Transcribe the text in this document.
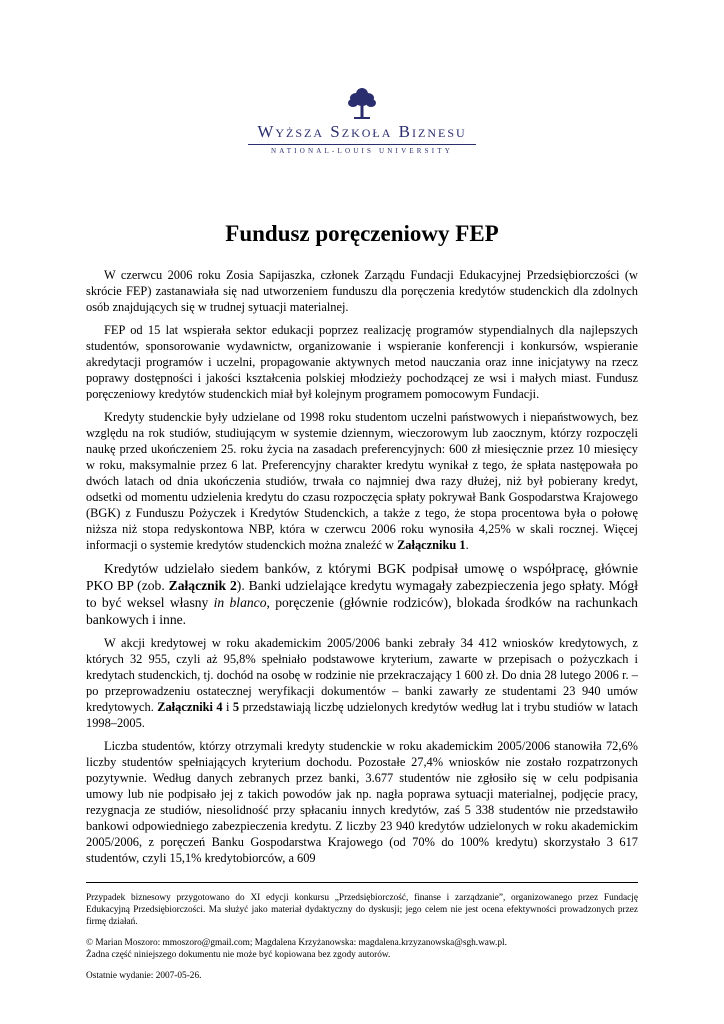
Wyższa Szkoła Biznesu
NATIONAL-LOUIS UNIVERSITY
Fundusz poręczeniowy FEP

W czerwcu 2006 roku Zosia Sapijaszka, członek Zarządu Fundacji Edukacyjnej Przedsiębiorczości (w skrócie FEP) zastanawiała się nad utworzeniem funduszu dla poręczenia kredytów studenckich dla zdolnych osób znajdujących się w trudnej sytuacji materialnej.

FEP od 15 lat wspierała sektor edukacji poprzez realizację programów stypendialnych dla najlepszych studentów, sponsorowanie wydawnictw, organizowanie i wspieranie konferencji i konkursów, wspieranie akredytacji programów i uczelni, propagowanie aktywnych metod nauczania oraz inne inicjatywy na rzecz poprawy dostępności i jakości kształcenia polskiej młodzieży pochodzącej ze wsi i małych miast. Fundusz poręczeniowy kredytów studenckich miał był kolejnym programem pomocowym Fundacji.

Kredyty studenckie były udzielane od 1998 roku studentom uczelni państwowych i niepaństwowych, bez względu na rok studiów, studiującym w systemie dziennym, wieczorowym lub zaocznym, którzy rozpoczęli naukę przed ukończeniem 25. roku życia na zasadach preferencyjnych: 600 zł miesięcznie przez 10 miesięcy w roku, maksymalnie przez 6 lat. Preferencyjny charakter kredytu wynikał z tego, że spłata następowała po dwóch latach od dnia ukończenia studiów, trwała co najmniej dwa razy dłużej, niż był pobierany kredyt, odsetki od momentu udzielenia kredytu do czasu rozpoczęcia spłaty pokrywał Bank Gospodarstwa Krajowego (BGK) z Funduszu Pożyczek i Kredytów Studenckich, a także z tego, że stopa procentowa była o połowę niższa niż stopa redyskontowa NBP, która w czerwcu 2006 roku wynosiła 4,25% w skali rocznej. Więcej informacji o systemie kredytów studenckich można znaleźć w Załączniku 1.

Kredytów udzielało siedem banków, z którymi BGK podpisał umowę o współpracę, głównie PKO BP (zob. Załącznik 2). Banki udzielające kredytu wymagały zabezpieczenia jego spłaty. Mógł to być weksel własny in blanco, poręczenie (głównie rodziców), blokada środków na rachunkach bankowych i inne.

W akcji kredytowej w roku akademickim 2005/2006 banki zebrały 34 412 wniosków kredytowych, z których 32 955, czyli aż 95,8% spełniało podstawowe kryterium, zawarte w przepisach o pożyczkach i kredytach studenckich, tj. dochód na osobę w rodzinie nie przekraczający 1 600 zł. Do dnia 28 lutego 2006 r. – po przeprowadzeniu ostatecznej weryfikacji dokumentów – banki zawarły ze studentami 23 940 umów kredytowych. Załączniki 4 i 5 przedstawiają liczbę udzielonych kredytów według lat i trybu studiów w latach 1998–2005.

Liczba studentów, którzy otrzymali kredyty studenckie w roku akademickim 2005/2006 stanowiła 72,6% liczby studentów spełniających kryterium dochodu. Pozostałe 27,4% wniosków nie zostało rozpatrzonych pozytywnie. Według danych zebranych przez banki, 3.677 studentów nie zgłosiło się w celu podpisania umowy lub nie podpisało jej z takich powodów jak np. nagła poprawa sytuacji materialnej, podjęcie pracy, rezygnacja ze studiów, niesolidność przy spłacaniu innych kredytów, zaś 5 338 studentów nie przedstawiło bankowi odpowiedniego zabezpieczenia kredytu. Z liczby 23 940 kredytów udzielonych w roku akademickim 2005/2006, z poręczeń Banku Gospodarstwa Krajowego (od 70% do 100% kredytu) skorzystało 3 617 studentów, czyli 15,1% kredytobiorców, a 609

Przypadek biznesowy przygotowano do XI edycji konkursu „Przedsiębiorczość, finanse i zarządzanie”, organizowanego przez Fundację Edukacyjną Przedsiębiorczości. Ma służyć jako materiał dydaktyczny do dyskusji; jego celem nie jest ocena efektywności prowadzonych przez firmę działań.

© Marian Moszoro: mmoszoro@gmail.com; Magdalena Krzyżanowska: magdalena.krzyzanowska@sgh.waw.pl.

Żadna część niniejszego dokumentu nie może być kopiowana bez zgody autorów.

Ostatnie wydanie: 2007-05-26.
